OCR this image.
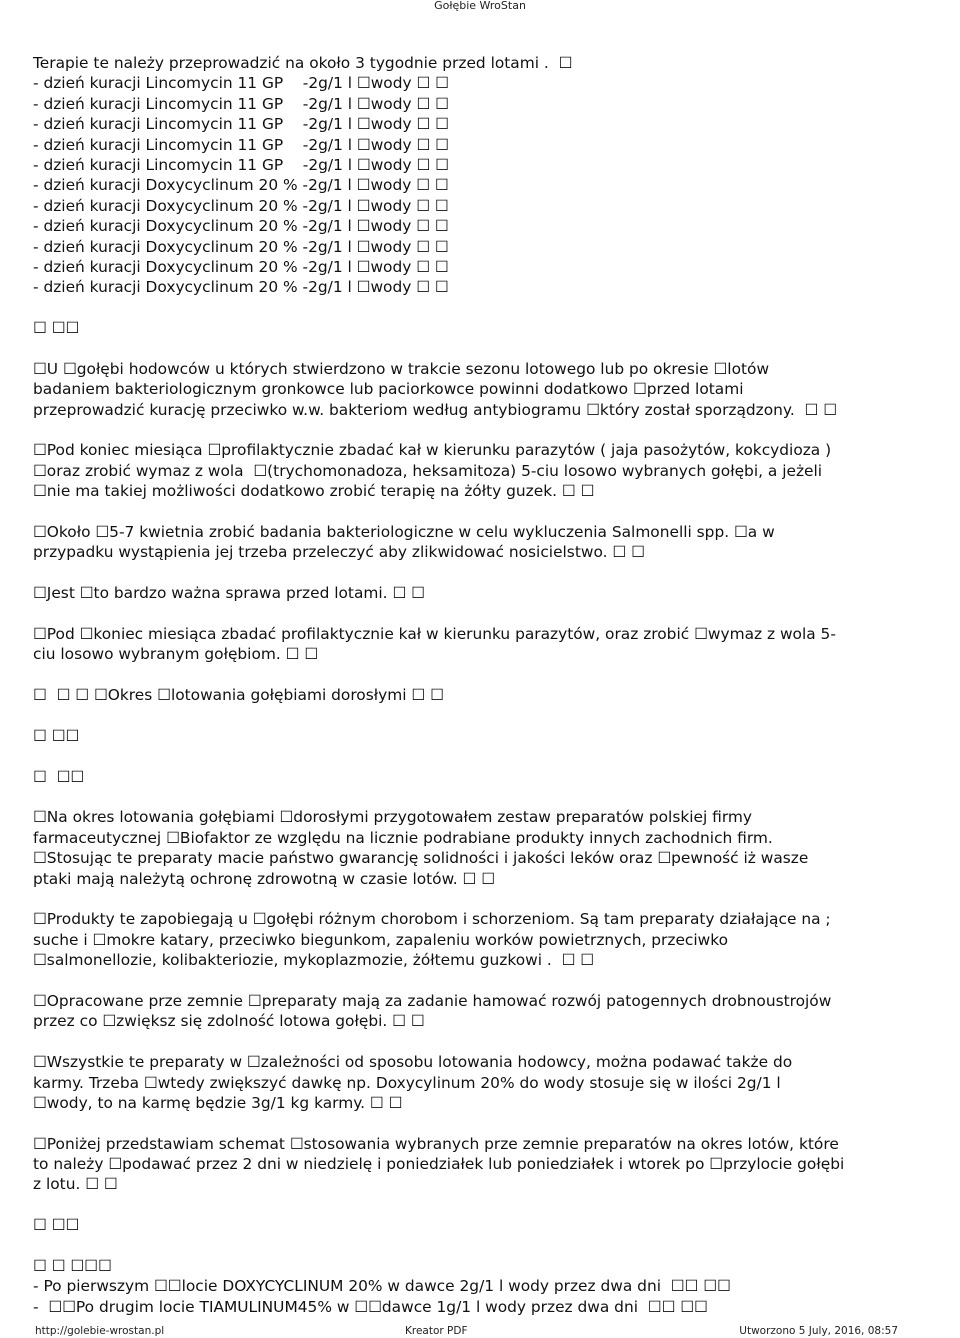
Gołębie WroStan
Terapie te należy przeprowadzić na około 3 tygodnie przed lotami .  ☐
- dzień kuracji Lincomycin 11 GP    -2g/1 l ☐wody ☐ ☐
- dzień kuracji Lincomycin 11 GP    -2g/1 l ☐wody ☐ ☐
- dzień kuracji Lincomycin 11 GP    -2g/1 l ☐wody ☐ ☐
- dzień kuracji Lincomycin 11 GP    -2g/1 l ☐wody ☐ ☐
- dzień kuracji Lincomycin 11 GP    -2g/1 l ☐wody ☐ ☐
- dzień kuracji Doxycyclinum 20 % -2g/1 l ☐wody ☐ ☐
- dzień kuracji Doxycyclinum 20 % -2g/1 l ☐wody ☐ ☐
- dzień kuracji Doxycyclinum 20 % -2g/1 l ☐wody ☐ ☐
- dzień kuracji Doxycyclinum 20 % -2g/1 l ☐wody ☐ ☐
- dzień kuracji Doxycyclinum 20 % -2g/1 l ☐wody ☐ ☐
- dzień kuracji Doxycyclinum 20 % -2g/1 l ☐wody ☐ ☐
☐ ☐☐
☐U ☐gołębi hodowców u których stwierdzono w trakcie sezonu lotowego lub po okresie ☐lotów
badaniem bakteriologicznym gronkowce lub paciorkowce powinni dodatkowo ☐przed lotami
przeprowadzić kurację przeciwko w.w. bakteriom według antybiogramu ☐który został sporządzony.  ☐ ☐
☐Pod koniec miesiąca ☐profilaktycznie zbadać kał w kierunku parazytów ( jaja pasożytów, kokcydioza )
☐oraz zrobić wymaz z wola  ☐(trychomonadoza, heksamitoza) 5-ciu losowo wybranych gołębi, a jeżeli
☐nie ma takiej możliwości dodatkowo zrobić terapię na żółty guzek. ☐ ☐
☐Około ☐5-7 kwietnia zrobić badania bakteriologiczne w celu wykluczenia Salmonelli spp. ☐a w
przypadku wystąpienia jej trzeba przeleczyć aby zlikwidować nosicielstwo. ☐ ☐
☐Jest ☐to bardzo ważna sprawa przed lotami. ☐ ☐
☐Pod ☐koniec miesiąca zbadać profilaktycznie kał w kierunku parazytów, oraz zrobić ☐wymaz z wola 5-
ciu losowo wybranym gołębiom. ☐ ☐
☐  ☐ ☐ ☐Okres ☐lotowania gołębiami dorosłymi ☐ ☐
☐ ☐☐
☐  ☐☐
☐Na okres lotowania gołębiami ☐dorosłymi przygotowałem zestaw preparatów polskiej firmy
farmaceutycznej ☐Biofaktor ze względu na licznie podrabiane produkty innych zachodnich firm.
☐Stosując te preparaty macie państwo gwarancję solidności i jakości leków oraz ☐pewność iż wasze
ptaki mają należytą ochronę zdrowotną w czasie lotów. ☐ ☐
☐Produkty te zapobiegają u ☐gołębi różnym chorobom i schorzeniom. Są tam preparaty działające na ;
suche i ☐mokre katary, przeciwko biegunkom, zapaleniu worków powietrznych, przeciwko
☐salmonellozie, kolibakteriozie, mykoplazmozie, żółtemu guzkowi .  ☐ ☐
☐Opracowane prze zemnie ☐preparaty mają za zadanie hamować rozwój patogennych drobnoustrojów
przez co ☐zwiększ się zdolność lotowa gołębi. ☐ ☐
☐Wszystkie te preparaty w ☐zależności od sposobu lotowania hodowcy, można podawać także do
karmy. Trzeba ☐wtedy zwiększyć dawkę np. Doxycylinum 20% do wody stosuje się w ilości 2g/1 l
☐wody, to na karmę będzie 3g/1 kg karmy. ☐ ☐
☐Poniżej przedstawiam schemat ☐stosowania wybranych prze zemnie preparatów na okres lotów, które
to należy ☐podawać przez 2 dni w niedzielę i poniedziałek lub poniedziałek i wtorek po ☐przylocie gołębi
z lotu. ☐ ☐
☐ ☐☐
☐ ☐ ☐☐☐
- Po pierwszym ☐☐locie DOXYCYCLINUM 20% w dawce 2g/1 l wody przez dwa dni  ☐☐ ☐☐
-  ☐☐Po drugim locie TIAMULINUM45% w ☐☐dawce 1g/1 l wody przez dwa dni  ☐☐ ☐☐
http://golebie-wrostan.pl	Kreator PDF	Utworzono 5 July, 2016, 08:57
